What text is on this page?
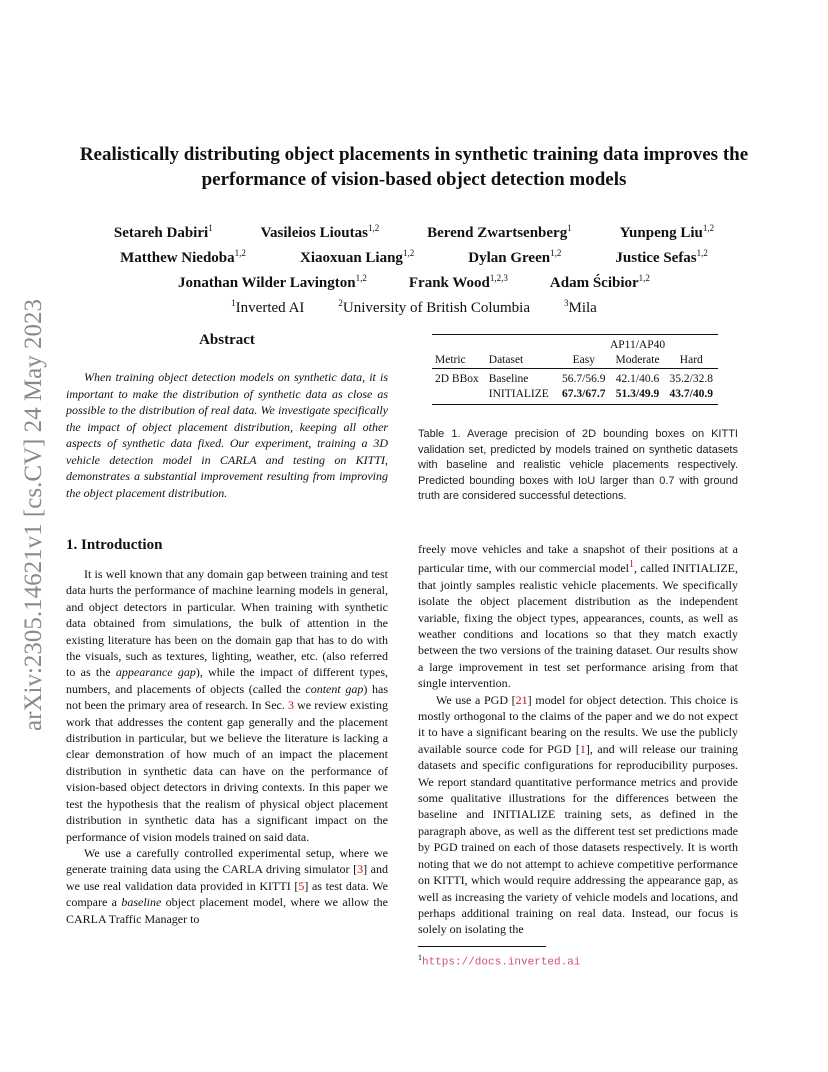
arXiv:2305.14621v1 [cs.CV] 24 May 2023
Realistically distributing object placements in synthetic training data improves the performance of vision-based object detection models
Setareh Dabiri$^1$	Vasileios Lioutas$^{1,2}$	Berend Zwartsenberg$^1$	Yunpeng Liu$^{1,2}$
Matthew Niedoba$^{1,2}$	Xiaoxuan Liang$^{1,2}$	Dylan Green$^{1,2}$	Justice Sefas$^{1,2}$
Jonathan Wilder Lavington$^{1,2}$	Frank Wood$^{1,2,3}$	Adam Ścibior$^{1,2}$
$^1$Inverted AI	$^2$University of British Columbia	$^3$Mila
Abstract

When training object detection models on synthetic data, it is important to make the distribution of synthetic data as close as possible to the distribution of real data. We investigate specifically the impact of object placement distribution, keeping all other aspects of synthetic data fixed. Our experiment, training a 3D vehicle detection model in CARLA and testing on KITTI, demonstrates a substantial improvement resulting from improving the object placement distribution.

1. Introduction

It is well known that any domain gap between training and test data hurts the performance of machine learning models in general, and object detectors in particular. When training with synthetic data obtained from simulations, the bulk of attention in the existing literature has been on the domain gap that has to do with the visuals, such as textures, lighting, weather, etc. (also referred to as the appearance gap), while the impact of different types, numbers, and placements of objects (called the content gap) has not been the primary area of research. In Sec. 3 we review existing work that addresses the content gap generally and the placement distribution in particular, but we believe the literature is lacking a clear demonstration of how much of an impact the placement distribution in synthetic data can have on the performance of vision-based object detectors in driving contexts. In this paper we test the hypothesis that the realism of physical object placement distribution in synthetic data has a significant impact on the performance of vision models trained on said data.

We use a carefully controlled experimental setup, where we generate training data using the CARLA driving simulator [3] and we use real validation data provided in KITTI [5] as test data. We compare a baseline object placement model, where we allow the CARLA Traffic Manager to

		AP11/AP40		
Metric	Dataset	Easy	Moderate	Hard
2D BBox	Baseline	56.7/56.9	42.1/40.6	35.2/32.8
	INITIALIZE	67.3/67.7	51.3/49.9	43.7/40.9

Table 1. Average precision of 2D bounding boxes on KITTI validation set, predicted by models trained on synthetic datasets with baseline and realistic vehicle placements respectively. Predicted bounding boxes with IoU larger than 0.7 with ground truth are considered successful detections.

freely move vehicles and take a snapshot of their positions at a particular time, with our commercial model$^1$, called INITIALIZE, that jointly samples realistic vehicle placements. We specifically isolate the object placement distribution as the independent variable, fixing the object types, appearances, counts, as well as weather conditions and locations so that they match exactly between the two versions of the training dataset. Our results show a large improvement in test set performance arising from that single intervention.

We use a PGD [21] model for object detection. This choice is mostly orthogonal to the claims of the paper and we do not expect it to have a significant bearing on the results. We use the publicly available source code for PGD [1], and will release our training datasets and specific configurations for reproducibility purposes. We report standard quantitative performance metrics and provide some qualitative illustrations for the differences between the baseline and INITIALIZE training sets, as defined in the paragraph above, as well as the different test set predictions made by PGD trained on each of those datasets respectively. It is worth noting that we do not attempt to achieve competitive performance on KITTI, which would require addressing the appearance gap, as well as increasing the variety of vehicle models and locations, and perhaps additional training on real data. Instead, our focus is solely on isolating the

$^1$https://docs.inverted.ai
